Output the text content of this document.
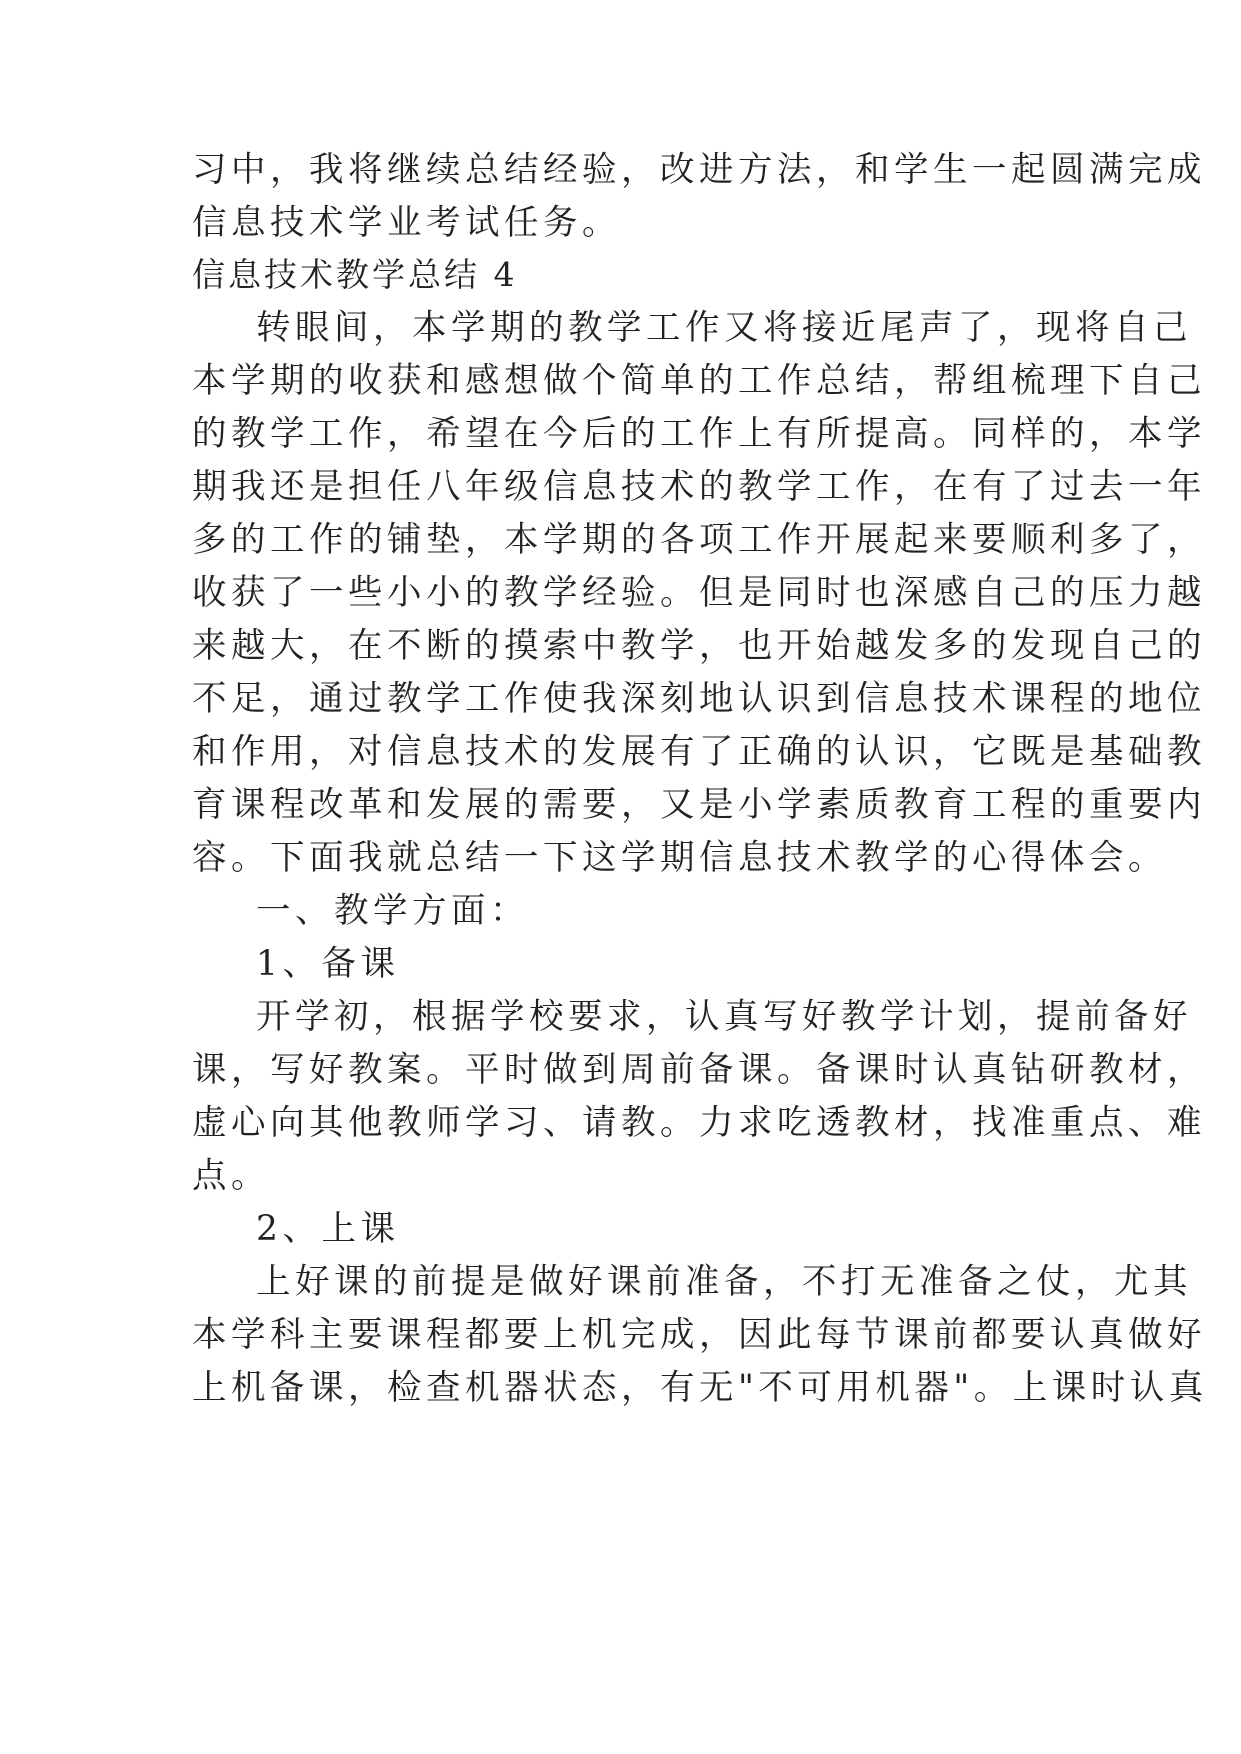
习中，我将继续总结经验，改进方法，和学生一起圆满完成
信息技术学业考试任务。
信息技术教学总结 4
转眼间，本学期的教学工作又将接近尾声了，现将自己
本学期的收获和感想做个简单的工作总结，帮组梳理下自己
的教学工作，希望在今后的工作上有所提高。同样的，本学
期我还是担任八年级信息技术的教学工作，在有了过去一年
多的工作的铺垫，本学期的各项工作开展起来要顺利多了，
收获了一些小小的教学经验。但是同时也深感自己的压力越
来越大，在不断的摸索中教学，也开始越发多的发现自己的
不足，通过教学工作使我深刻地认识到信息技术课程的地位
和作用，对信息技术的发展有了正确的认识，它既是基础教
育课程改革和发展的需要，又是小学素质教育工程的重要内
容。下面我就总结一下这学期信息技术教学的心得体会。
一、教学方面：
1、备课
开学初，根据学校要求，认真写好教学计划，提前备好
课，写好教案。平时做到周前备课。备课时认真钻研教材，
虚心向其他教师学习、请教。力求吃透教材，找准重点、难
点。
2、上课
上好课的前提是做好课前准备，不打无准备之仗，尤其
本学科主要课程都要上机完成，因此每节课前都要认真做好
上机备课，检查机器状态，有无"不可用机器"。上课时认真
